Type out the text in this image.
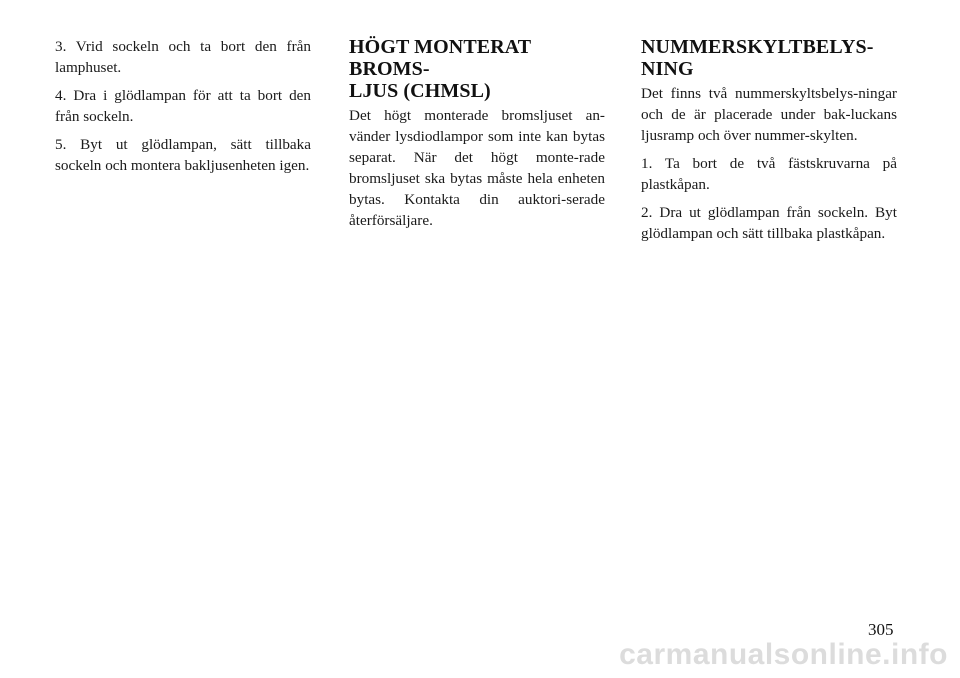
3. Vrid sockeln och ta bort den från lamphuset.

4. Dra i glödlampan för att ta bort den från sockeln.

5. Byt ut glödlampan, sätt tillbaka sockeln och montera bakljusenheten igen.

HÖGT MONTERAT BROMS-
LJUS (CHMSL)

Det högt monterade bromsljuset an-vänder lysdiodlampor som inte kan bytas separat. När det högt monte-rade bromsljuset ska bytas måste hela enheten bytas. Kontakta din auktori-serade återförsäljare.

NUMMERSKYLTBELYS-
NING

Det finns två nummerskyltsbelys-ningar och de är placerade under bak-luckans ljusramp och över nummer-skylten.

1. Ta bort de två fästskruvarna på plastkåpan.

2. Dra ut glödlampan från sockeln. Byt glödlampan och sätt tillbaka plastkåpan.

305
carmanualsonline.info
